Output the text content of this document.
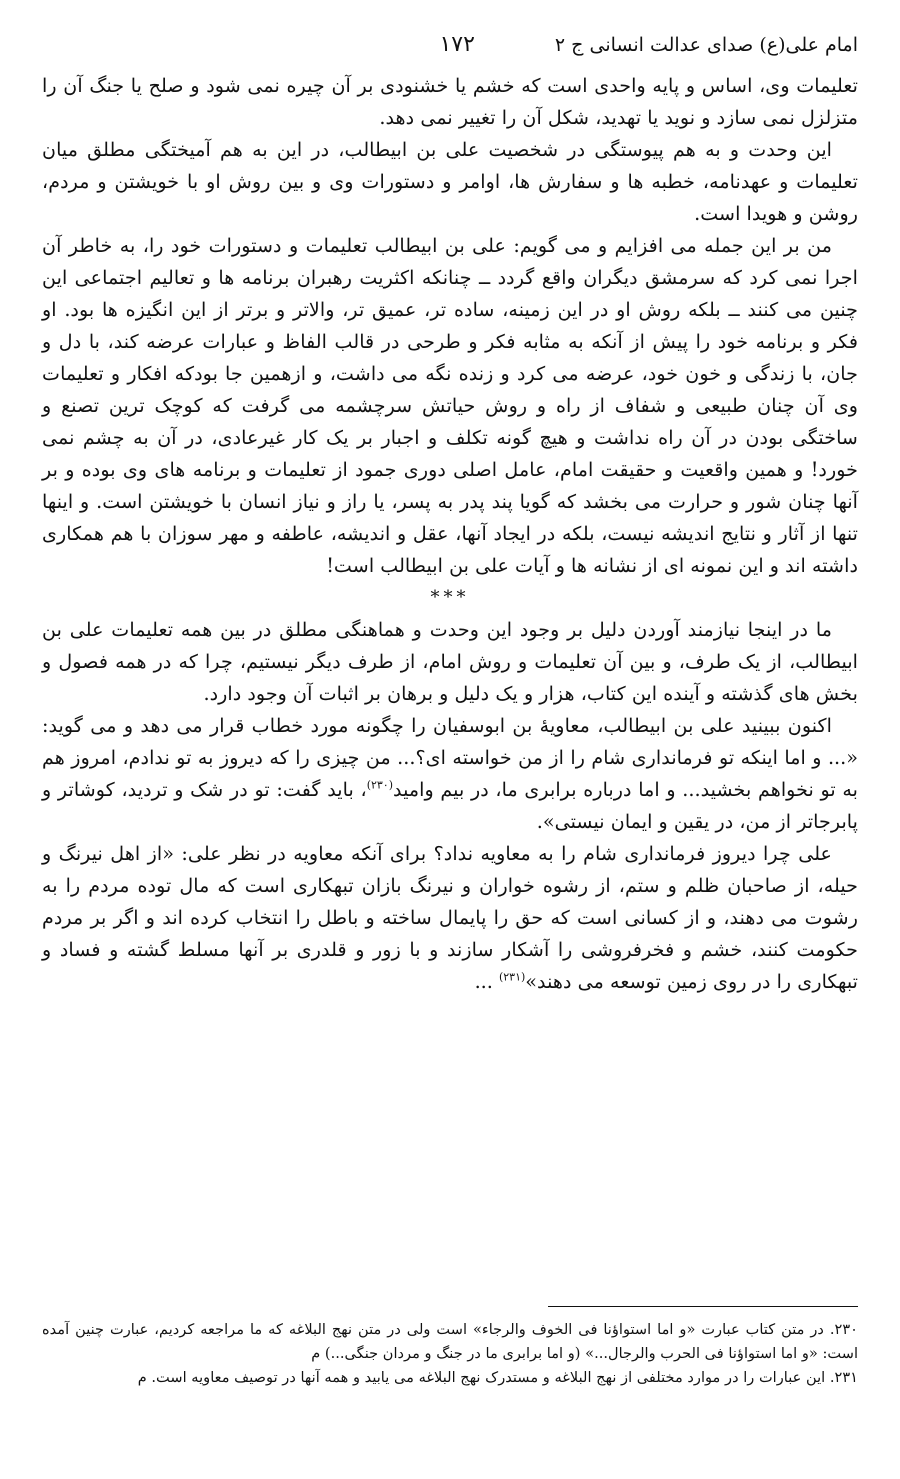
امام علی(ع) صدای عدالت انسانی ج ۲
۱۷۲

تعلیمات وی، اساس و پایه واحدی است که خشم یا خشنودی بر آن چیره نمی شود و صلح یا جنگ آن را متزلزل نمی سازد و نوید یا تهدید، شکل آن را تغییر نمی دهد.

این وحدت و به هم پیوستگی در شخصیت علی بن ابیطالب، در این به هم آمیختگی مطلق میان تعلیمات و عهدنامه، خطبه ها و سفارش ها، اوامر و دستورات وی و بین روش او با خویشتن و مردم، روشن و هویدا است.

من بر این جمله می افزایم و می گویم: علی بن ابیطالب تعلیمات و دستورات خود را، به خاطر آن اجرا نمی کرد که سرمشق دیگران واقع گردد ــ چنانکه اکثریت رهبران برنامه ها و تعالیم اجتماعی این چنین می کنند ــ بلکه روش او در این زمینه، ساده تر، عمیق تر، والاتر و برتر از این انگیزه ها بود. او فکر و برنامه خود را پیش از آنکه به مثابه فکر و طرحی در قالب الفاظ و عبارات عرضه کند، با دل و جان، با زندگی و خون خود، عرضه می کرد و زنده نگه می داشت، و ازهمین جا بودکه افکار و تعلیمات وی آن چنان طبیعی و شفاف از راه و روش حیاتش سرچشمه می گرفت که کوچک ترین تصنع و ساختگی بودن در آن راه نداشت و هیچ گونه تکلف و اجبار بر یک کار غیرعادی، در آن به چشم نمی خورد! و همین واقعیت و حقیقت امام، عامل اصلی دوری جمود از تعلیمات و برنامه های وی بوده و بر آنها چنان شور و حرارت می بخشد که گویا پند پدر به پسر، یا راز و نیاز انسان با خویشتن است. و اینها تنها از آثار و نتایج اندیشه نیست، بلکه در ایجاد آنها، عقل و اندیشه، عاطفه و مهر سوزان با هم همکاری داشته اند و این نمونه ای از نشانه ها و آیات علی بن ابیطالب است!

***

ما در اینجا نیازمند آوردن دلیل بر وجود این وحدت و هماهنگی مطلق در بین همه تعلیمات علی بن ابیطالب، از یک طرف، و بین آن تعلیمات و روش امام، از طرف دیگر نیستیم، چرا که در همه فصول و بخش های گذشته و آینده این کتاب، هزار و یک دلیل و برهان بر اثبات آن وجود دارد.

اکنون ببینید علی بن ابیطالب، معاویهٔ بن ابوسفیان را چگونه مورد خطاب قرار می دهد و می گوید: «... و اما اینکه تو فرمانداری شام را از من خواسته ای؟... من چیزی را که دیروز به تو ندادم، امروز هم به تو نخواهم بخشید... و اما درباره برابری ما، در بیم وامید$^{(۲۳۰)}$، باید گفت: تو در شک و تردید، کوشاتر و پابرجاتر از من، در یقین و ایمان نیستی».

علی چرا دیروز فرمانداری شام را به معاویه نداد؟ برای آنکه معاویه در نظر علی: «از اهل نیرنگ و حیله، از صاحبان ظلم و ستم، از رشوه خواران و نیرنگ بازان تبهکاری است که مال توده مردم را به رشوت می دهند، و از کسانی است که حق را پایمال ساخته و باطل را انتخاب کرده اند و اگر بر مردم حکومت کنند، خشم و فخرفروشی را آشکار سازند و با زور و قلدری بر آنها مسلط گشته و فساد و تبهکاری را در روی زمین توسعه می دهند»$^{(۲۳۱)}$ ...

۲۳۰. در متن کتاب عبارت «و اما استواؤنا فی الخوف والرجاء» است ولی در متن نهج البلاغه که ما مراجعه کردیم، عبارت چنین آمده است: «و اما استواؤنا فی الحرب والرجال...» (و اما برابری ما در جنگ و مردان جنگی...) م

۲۳۱. این عبارات را در موارد مختلفی از نهج البلاغه و مستدرک نهج البلاغه می یابید و همه آنها در توصیف معاویه است. م
